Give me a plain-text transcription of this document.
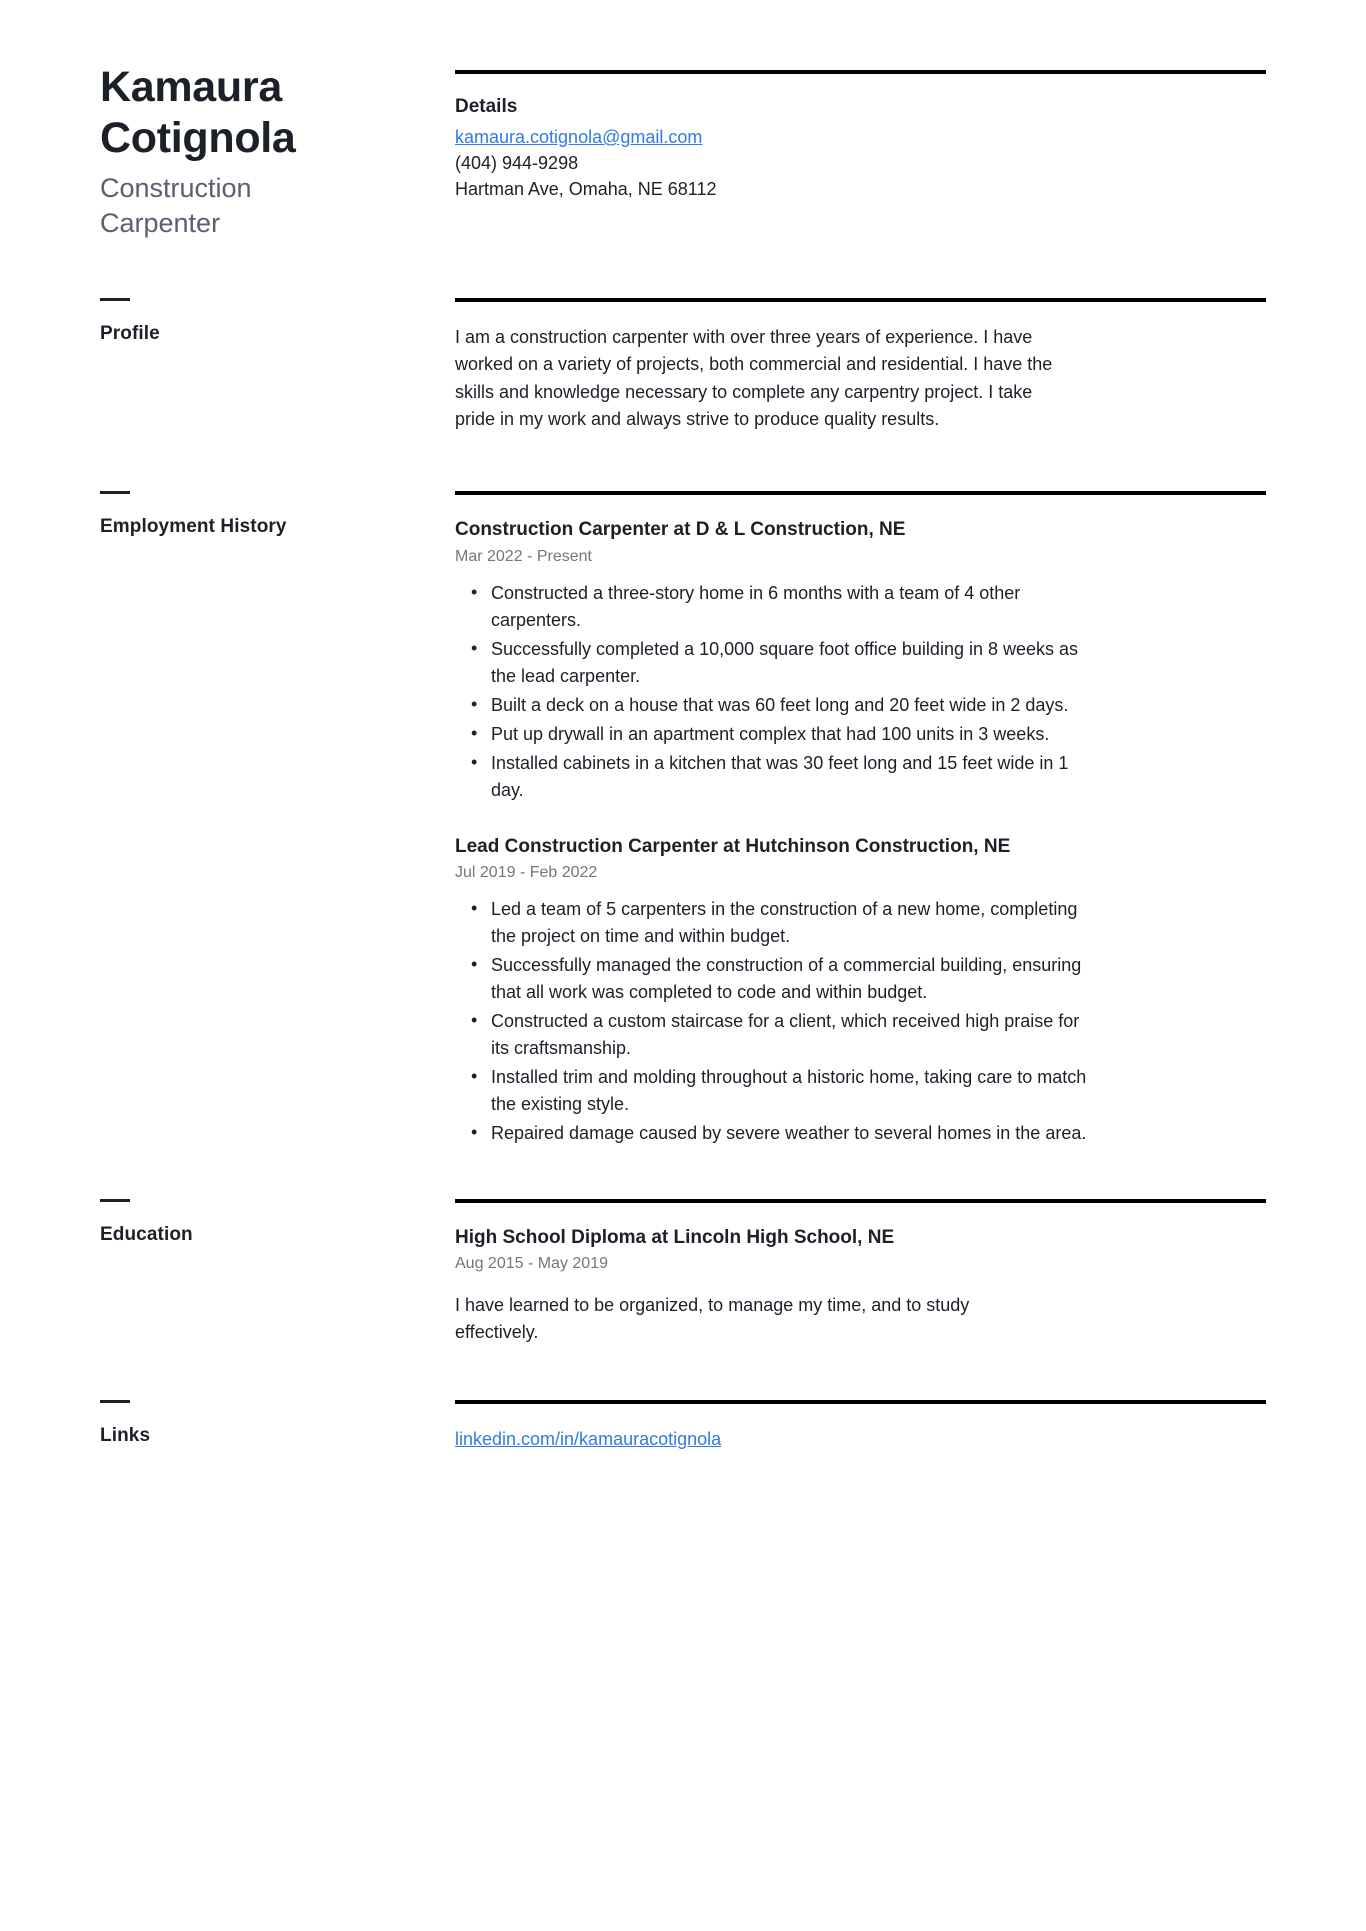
Kamaura
Cotignola
Construction
Carpenter
Details
kamaura.cotignola@gmail.com
(404) 944-9298
Hartman Ave, Omaha, NE 68112
Profile	I am a construction carpenter with over three years of experience. I have worked on a variety of projects, both commercial and residential. I have the skills and knowledge necessary to complete any carpentry project. I take pride in my work and always strive to produce quality results.

Employment History	Construction Carpenter at D & L Construction, NE
Mar 2022 - Present
• Constructed a three-story home in 6 months with a team of 4 other carpenters.
• Successfully completed a 10,000 square foot office building in 8 weeks as the lead carpenter.
• Built a deck on a house that was 60 feet long and 20 feet wide in 2 days.
• Put up drywall in an apartment complex that had 100 units in 3 weeks.
• Installed cabinets in a kitchen that was 30 feet long and 15 feet wide in 1 day.
Lead Construction Carpenter at Hutchinson Construction, NE
Jul 2019 - Feb 2022
• Led a team of 5 carpenters in the construction of a new home, completing the project on time and within budget.
• Successfully managed the construction of a commercial building, ensuring that all work was completed to code and within budget.
• Constructed a custom staircase for a client, which received high praise for its craftsmanship.
• Installed trim and molding throughout a historic home, taking care to match the existing style.
• Repaired damage caused by severe weather to several homes in the area.
Education	High School Diploma at Lincoln High School, NE
Aug 2015 - May 2019

I have learned to be organized, to manage my time, and to study effectively.

Links	linkedin.com/in/kamauracotignola
